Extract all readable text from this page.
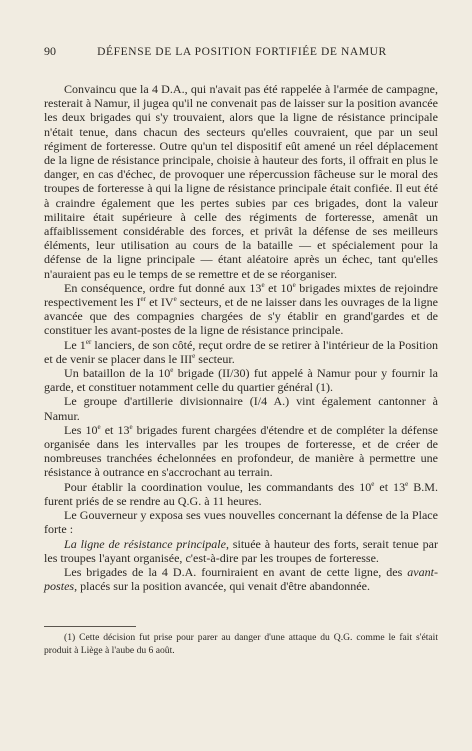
90	DÉFENSE DE LA POSITION FORTIFIÉE DE NAMUR

Convaincu que la 4 D.A., qui n'avait pas été rappelée à l'armée de campagne, resterait à Namur, il jugea qu'il ne convenait pas de laisser sur la position avancée les deux brigades qui s'y trouvaient, alors que la ligne de résistance principale n'était tenue, dans chacun des secteurs qu'elles couvraient, que par un seul régiment de forteresse. Outre qu'un tel dispositif eût amené un réel déplacement de la ligne de résistance principale, choisie à hauteur des forts, il offrait en plus le danger, en cas d'échec, de provoquer une répercussion fâcheuse sur le moral des troupes de forteresse à qui la ligne de résistance principale était confiée. Il eut été à craindre également que les pertes subies par ces brigades, dont la valeur militaire était supérieure à celle des régiments de forteresse, amenât un affaiblissement considérable des forces, et privât la défense de ses meilleurs éléments, leur utilisation au cours de la bataille — et spécialement pour la défense de la ligne principale — étant aléatoire après un échec, tant qu'elles n'auraient pas eu le temps de se remettre et de se réorganiser.

En conséquence, ordre fut donné aux 13e et 10e brigades mixtes de rejoindre respectivement les Ier et IVe secteurs, et de ne laisser dans les ouvrages de la ligne avancée que des compagnies chargées de s'y établir en grand'gardes et de constituer les avant-postes de la ligne de résistance principale.

Le 1er lanciers, de son côté, reçut ordre de se retirer à l'intérieur de la Position et de venir se placer dans le IIIe secteur.

Un bataillon de la 10e brigade (II/30) fut appelé à Namur pour y fournir la garde, et constituer notamment celle du quartier général (1).

Le groupe d'artillerie divisionnaire (I/4 A.) vint également cantonner à Namur.

Les 10e et 13e brigades furent chargées d'étendre et de compléter la défense organisée dans les intervalles par les troupes de forteresse, et de créer de nombreuses tranchées échelonnées en profondeur, de manière à permettre une résistance à outrance en s'accrochant au terrain.

Pour établir la coordination voulue, les commandants des 10e et 13e B.M. furent priés de se rendre au Q.G. à 11 heures.

Le Gouverneur y exposa ses vues nouvelles concernant la défense de la Place forte :

La ligne de résistance principale, située à hauteur des forts, serait tenue par les troupes l'ayant organisée, c'est-à-dire par les troupes de forteresse.

Les brigades de la 4 D.A. fourniraient en avant de cette ligne, des avant-postes, placés sur la position avancée, qui venait d'être abandonnée.

(1) Cette décision fut prise pour parer au danger d'une attaque du Q.G. comme le fait s'était produit à Liège à l'aube du 6 août.
